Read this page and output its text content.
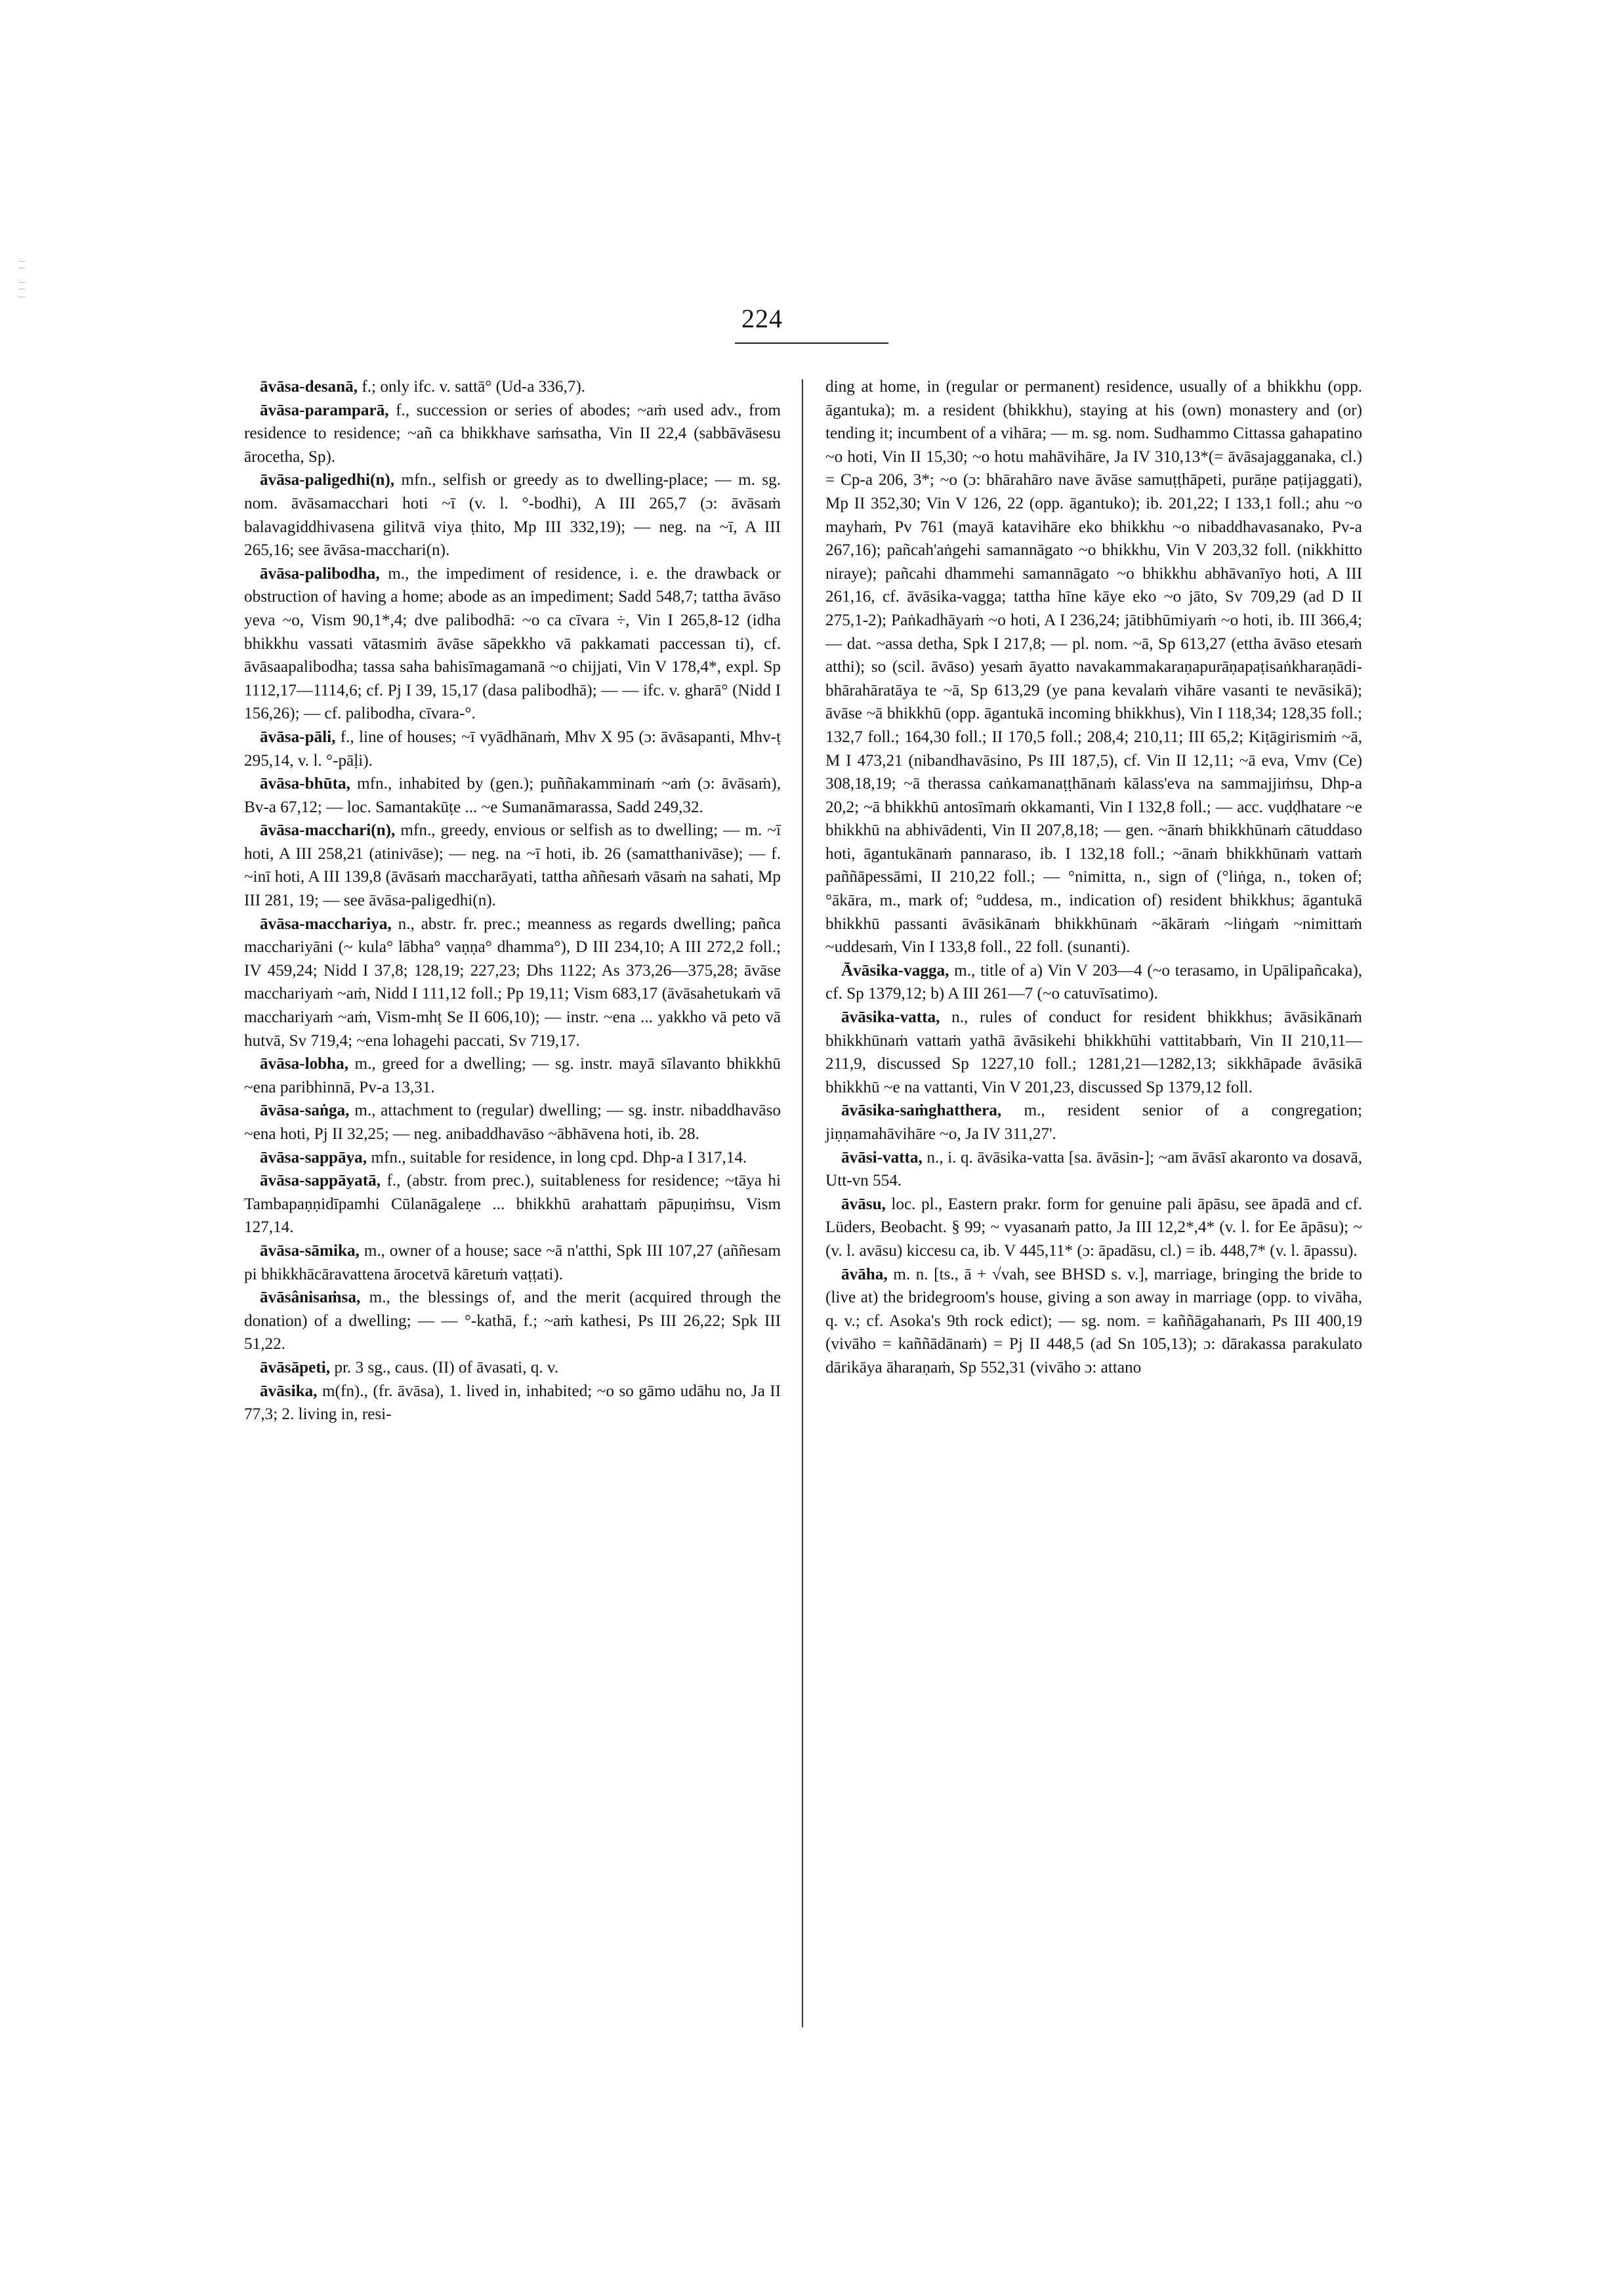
224

āvāsa-desanā, f.; only ifc. v. sattā° (Ud-a 336,7).

āvāsa-paramparā, f., succession or series of abodes; ~aṁ used adv., from residence to residence; ~añ ca bhikkhave saṁsatha, Vin II 22,4 (sabbāvāsesu ārocetha, Sp).

āvāsa-paligedhi(n), mfn., selfish or greedy as to dwelling-place; — m. sg. nom. āvāsamacchari hoti ~ī (v. l. °-bodhi), A III 265,7 (ɔ: āvāsaṁ balavagiddhivasena gilitvā viya ṭhito, Mp III 332,19); — neg. na ~ī, A III 265,16; see āvāsa-macchari(n).

āvāsa-palibodha, m., the impediment of residence, i. e. the drawback or obstruction of having a home; abode as an impediment; Sadd 548,7; tattha āvāso yeva ~o, Vism 90,1*,4; dve palibodhā: ~o ca cīvara ÷, Vin I 265,8-12 (idha bhikkhu vassati vātasmiṁ āvāse sāpekkho vā pakkamati paccessan ti), cf. āvāsaapalibodha; tassa saha bahisīmagamanā ~o chijjati, Vin V 178,4*, expl. Sp 1112,17—1114,6; cf. Pj I 39, 15,17 (dasa palibodhā); — — ifc. v. gharā° (Nidd I 156,26); — cf. palibodha, cīvara-°.

āvāsa-pāli, f., line of houses; ~ī vyādhānaṁ, Mhv X 95 (ɔ: āvāsapanti, Mhv-ṭ 295,14, v. l. °-pāḷi).

āvāsa-bhūta, mfn., inhabited by (gen.); puññakamminaṁ ~aṁ (ɔ: āvāsaṁ), Bv-a 67,12; — loc. Samantakūṭe ... ~e Sumanāmarassa, Sadd 249,32.

āvāsa-macchari(n), mfn., greedy, envious or selfish as to dwelling; — m. ~ī hoti, A III 258,21 (atinivāse); — neg. na ~ī hoti, ib. 26 (samatthanivāse); — f. ~inī hoti, A III 139,8 (āvāsaṁ maccharāyati, tattha aññesaṁ vāsaṁ na sahati, Mp III 281, 19; — see āvāsa-paligedhi(n).

āvāsa-macchariya, n., abstr. fr. prec.; meanness as regards dwelling; pañca macchariyāni (~ kula° lābha° vaṇṇa° dhamma°), D III 234,10; A III 272,2 foll.; IV 459,24; Nidd I 37,8; 128,19; 227,23; Dhs 1122; As 373,26—375,28; āvāse macchariyaṁ ~aṁ, Nidd I 111,12 foll.; Pp 19,11; Vism 683,17 (āvāsahetukaṁ vā macchariyaṁ ~aṁ, Vism-mhṭ Se II 606,10); — instr. ~ena ... yakkho vā peto vā hutvā, Sv 719,4; ~ena lohagehi paccati, Sv 719,17.

āvāsa-lobha, m., greed for a dwelling; — sg. instr. mayā sīlavanto bhikkhū ~ena paribhinnā, Pv-a 13,31.

āvāsa-saṅga, m., attachment to (regular) dwelling; — sg. instr. nibaddhavāso ~ena hoti, Pj II 32,25; — neg. anibaddhavāso ~ābhāvena hoti, ib. 28.

āvāsa-sappāya, mfn., suitable for residence, in long cpd. Dhp-a I 317,14.

āvāsa-sappāyatā, f., (abstr. from prec.), suitableness for residence; ~tāya hi Tambapaṇṇidīpamhi Cūlanāgaleṇe ... bhikkhū arahattaṁ pāpuṇiṁsu, Vism 127,14.

āvāsa-sāmika, m., owner of a house; sace ~ā n'atthi, Spk III 107,27 (aññesam pi bhikkhācāravattena ārocetvā kāretuṁ vaṭṭati).

āvāsânisaṁsa, m., the blessings of, and the merit (acquired through the donation) of a dwelling; — — °-kathā, f.; ~aṁ kathesi, Ps III 26,22; Spk III 51,22.

āvāsāpeti, pr. 3 sg., caus. (II) of āvasati, q. v.

āvāsika, m(fn)., (fr. āvāsa), 1. lived in, inhabited; ~o so gāmo udāhu no, Ja II 77,3; 2. living in, resi-

ding at home, in (regular or permanent) residence, usually of a bhikkhu (opp. āgantuka); m. a resident (bhikkhu), staying at his (own) monastery and (or) tending it; incumbent of a vihāra; — m. sg. nom. Sudhammo Cittassa gahapatino ~o hoti, Vin II 15,30; ~o hotu mahāvihāre, Ja IV 310,13*(= āvāsajagganaka, cl.) = Cp-a 206, 3*; ~o (ɔ: bhārahāro nave āvāse samuṭṭhāpeti, purāṇe paṭijaggati), Mp II 352,30; Vin V 126, 22 (opp. āgantuko); ib. 201,22; I 133,1 foll.; ahu ~o mayhaṁ, Pv 761 (mayā katavihāre eko bhikkhu ~o nibaddhavasanako, Pv-a 267,16); pañcah'aṅgehi samannāgato ~o bhikkhu, Vin V 203,32 foll. (nikkhitto niraye); pañcahi dhammehi samannāgato ~o bhikkhu abhāvanīyo hoti, A III 261,16, cf. āvāsika-vagga; tattha hīne kāye eko ~o jāto, Sv 709,29 (ad D II 275,1-2); Paṅkadhāyaṁ ~o hoti, A I 236,24; jātibhūmiyaṁ ~o hoti, ib. III 366,4; — dat. ~assa detha, Spk I 217,8; — pl. nom. ~ā, Sp 613,27 (ettha āvāso etesaṁ atthi); so (scil. āvāso) yesaṁ āyatto navakammakaraṇapurāṇapaṭisaṅkharaṇādi-bhārahāratāya te ~ā, Sp 613,29 (ye pana kevalaṁ vihāre vasanti te nevāsikā); āvāse ~ā bhikkhū (opp. āgantukā incoming bhikkhus), Vin I 118,34; 128,35 foll.; 132,7 foll.; 164,30 foll.; II 170,5 foll.; 208,4; 210,11; III 65,2; Kiṭāgirismiṁ ~ā, M I 473,21 (nibandhavāsino, Ps III 187,5), cf. Vin II 12,11; ~ā eva, Vmv (Ce) 308,18,19; ~ā therassa caṅkamanaṭṭhānaṁ kālass'eva na sammajjiṁsu, Dhp-a 20,2; ~ā bhikkhū antosīmaṁ okkamanti, Vin I 132,8 foll.; — acc. vuḍḍhatare ~e bhikkhū na abhivādenti, Vin II 207,8,18; — gen. ~ānaṁ bhikkhūnaṁ cātuddaso hoti, āgantukānaṁ pannaraso, ib. I 132,18 foll.; ~ānaṁ bhikkhūnaṁ vattaṁ paññāpessāmi, II 210,22 foll.; — °nimitta, n., sign of (°liṅga, n., token of; °ākāra, m., mark of; °uddesa, m., indication of) resident bhikkhus; āgantukā bhikkhū passanti āvāsikānaṁ bhikkhūnaṁ ~ākāraṁ ~liṅgaṁ ~nimittaṁ ~uddesaṁ, Vin I 133,8 foll., 22 foll. (sunanti).

Āvāsika-vagga, m., title of a) Vin V 203—4 (~o terasamo, in Upālipañcaka), cf. Sp 1379,12; b) A III 261—7 (~o catuvīsatimo).

āvāsika-vatta, n., rules of conduct for resident bhikkhus; āvāsikānaṁ bhikkhūnaṁ vattaṁ yathā āvāsikehi bhikkhūhi vattitabbaṁ, Vin II 210,11—211,9, discussed Sp 1227,10 foll.; 1281,21—1282,13; sikkhāpade āvāsikā bhikkhū ~e na vattanti, Vin V 201,23, discussed Sp 1379,12 foll.

āvāsika-saṁghatthera, m., resident senior of a congregation; jiṇṇamahāvihāre ~o, Ja IV 311,27'.

āvāsi-vatta, n., i. q. āvāsika-vatta [sa. āvāsin-]; ~am āvāsī akaronto va dosavā, Utt-vn 554.

āvāsu, loc. pl., Eastern prakr. form for genuine pali āpāsu, see āpadā and cf. Lüders, Beobacht. § 99; ~ vyasanaṁ patto, Ja III 12,2*,4* (v. l. for Ee āpāsu); ~ (v. l. avāsu) kiccesu ca, ib. V 445,11* (ɔ: āpadāsu, cl.) = ib. 448,7* (v. l. āpassu).

āvāha, m. n. [ts., ā + √vah, see BHSD s. v.], marriage, bringing the bride to (live at) the bridegroom's house, giving a son away in marriage (opp. to vivāha, q. v.; cf. Asoka's 9th rock edict); — sg. nom. = kaññāgahanaṁ, Ps III 400,19 (vivāho = kaññādānaṁ) = Pj II 448,5 (ad Sn 105,13); ɔ: dārakassa parakulato dārikāya āharaṇaṁ, Sp 552,31 (vivāho ɔ: attano
